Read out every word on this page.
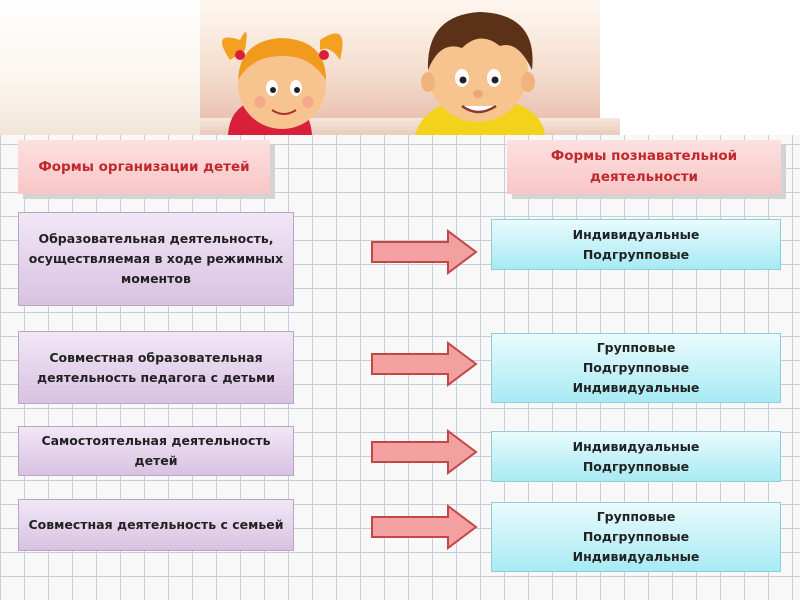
Формы организации детей
Формы познавательной деятельности
Образовательная деятельность, осуществляемая в ходе режимных моментов
Индивидуальные
Подгрупповые
Совместная образовательная деятельность педагога с детьми
Групповые
Подгрупповые
Индивидуальные
Самостоятельная деятельность детей
Индивидуальные
Подгрупповые
Совместная деятельность с семьей
Групповые
Подгрупповые
Индивидуальные
